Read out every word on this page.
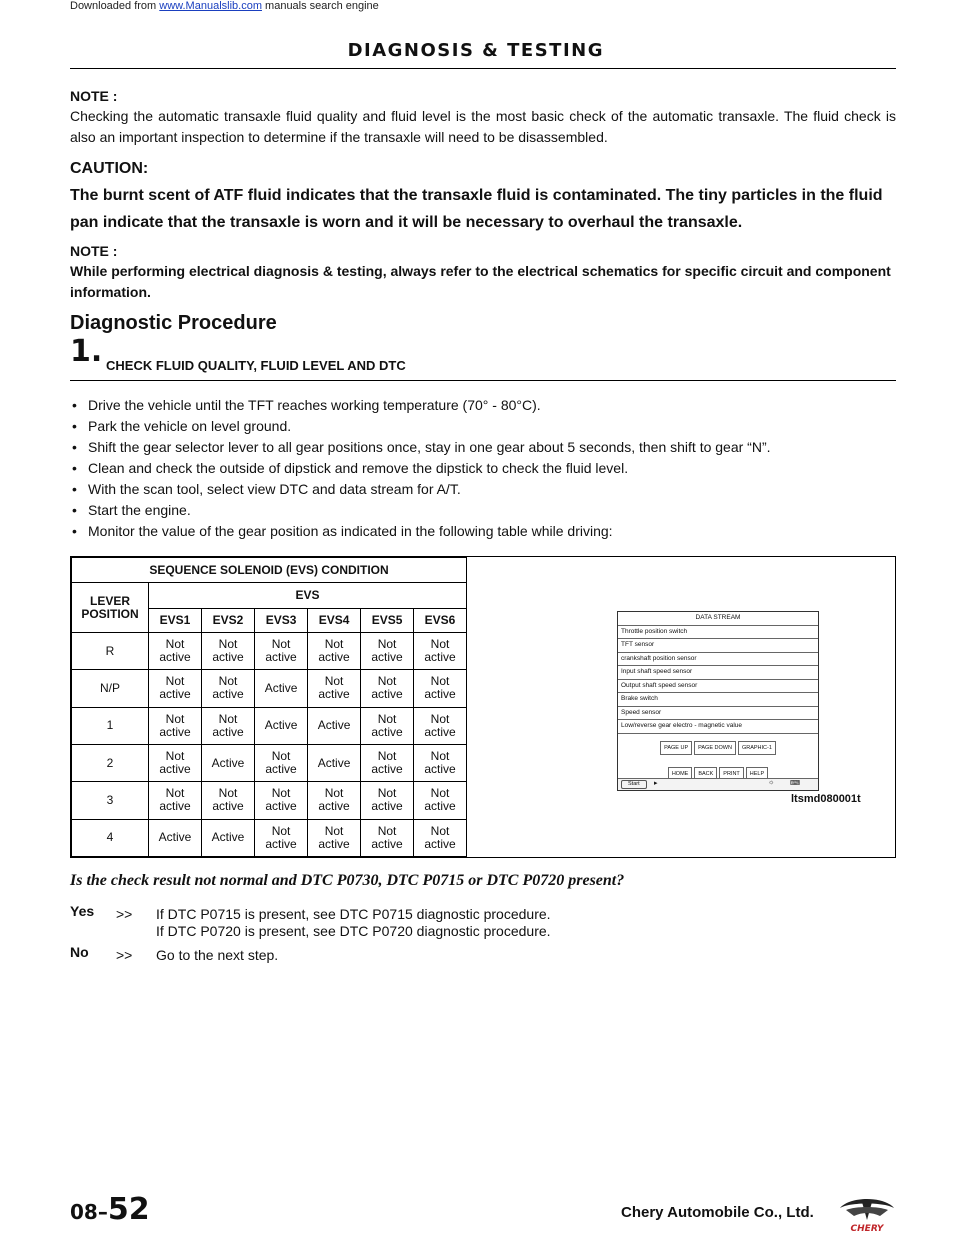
Downloaded from www.Manualslib.com manuals search engine
DIAGNOSIS & TESTING
NOTE :
Checking the automatic transaxle fluid quality and fluid level is the most basic check of the automatic transaxle. The fluid check is also an important inspection to determine if the transaxle will need to be disassembled.
CAUTION:
The burnt scent of ATF fluid indicates that the transaxle fluid is contaminated. The tiny particles in the fluid pan indicate that the transaxle is worn and it will be necessary to overhaul the transaxle.
NOTE :
While performing electrical diagnosis & testing, always refer to the electrical schematics for specific circuit and component information.
Diagnostic Procedure
1. CHECK FLUID QUALITY, FLUID LEVEL AND DTC
• Drive the vehicle until the TFT reaches working temperature (70° - 80°C).
• Park the vehicle on level ground.
• Shift the gear selector lever to all gear positions once, stay in one gear about 5 seconds, then shift to gear “N”.
• Clean and check the outside of dipstick and remove the dipstick to check the fluid level.
• With the scan tool, select view DTC and data stream for A/T.
• Start the engine.
• Monitor the value of the gear position as indicated in the following table while driving:
SEQUENCE SOLENOID (EVS) CONDITION						
LEVER POSITION	EVS					
	EVS1	EVS2	EVS3	EVS4	EVS5	EVS6
R	Not active	Not active	Not active	Not active	Not active	Not active
N/P	Not active	Not active	Active	Not active	Not active	Not active
1	Not active	Not active	Active	Active	Not active	Not active
2	Not active	Active	Not active	Active	Not active	Not active
3	Not active	Not active	Not active	Not active	Not active	Not active
4	Active	Active	Not active	Not active	Not active	Not active
DATA STREAM
Throttle position switch
TFT sensor
crankshaft position sensor
Input shaft speed sensor
Output shaft speed sensor
Brake switch
Speed sensor
Low/reverse gear electro - magnetic value
PAGE UP	PAGE DOWN	GRAPHIC-1
HOME	BACK	PRINT	HELP
Start	▸	☼ ⌨
ltsmd080001t
Is the check result not normal and DTC P0730, DTC P0715 or DTC P0720 present?
Yes >> If DTC P0715 is present, see DTC P0715 diagnostic procedure.
If DTC P0720 is present, see DTC P0720 diagnostic procedure.
No >> Go to the next step.
08–52	Chery Automobile Co., Ltd.
CHERY
